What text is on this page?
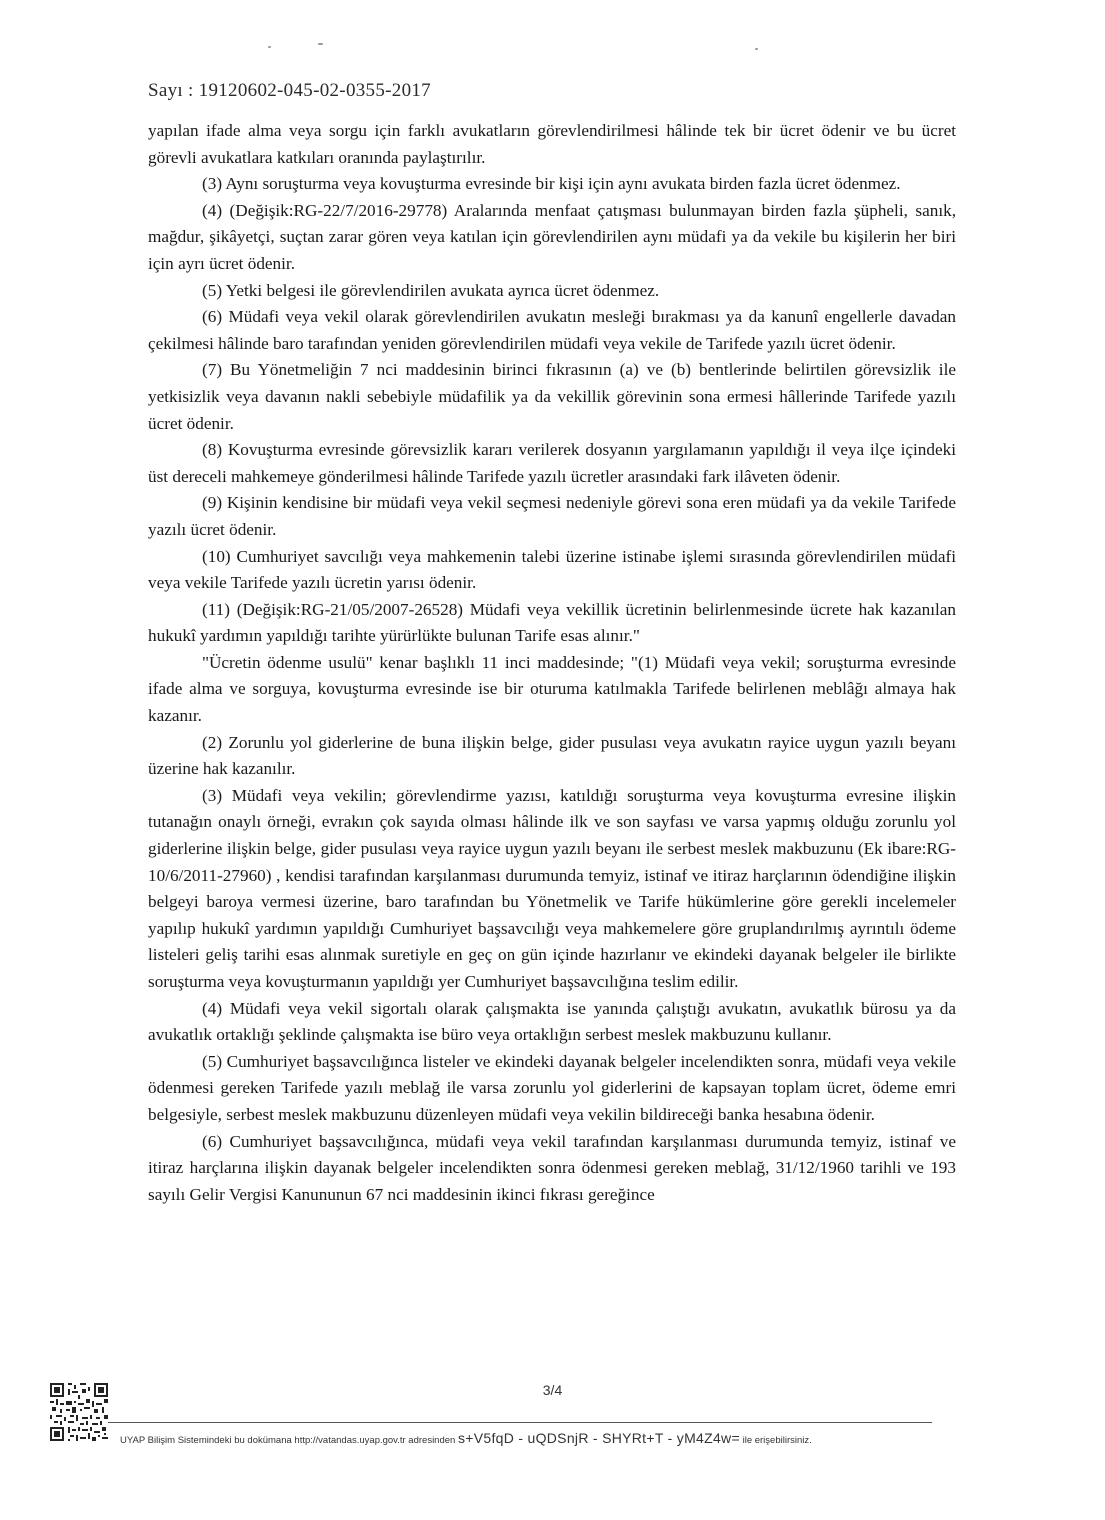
Sayı : 19120602-045-02-0355-2017

yapılan ifade alma veya sorgu için farklı avukatların görevlendirilmesi hâlinde tek bir ücret ödenir ve bu ücret görevli avukatlara katkıları oranında paylaştırılır.

(3) Aynı soruşturma veya kovuşturma evresinde bir kişi için aynı avukata birden fazla ücret ödenmez.

(4) (Değişik:RG-22/7/2016-29778) Aralarında menfaat çatışması bulunmayan birden fazla şüpheli, sanık, mağdur, şikâyetçi, suçtan zarar gören veya katılan için görevlendirilen aynı müdafi ya da vekile bu kişilerin her biri için ayrı ücret ödenir.

(5) Yetki belgesi ile görevlendirilen avukata ayrıca ücret ödenmez.

(6) Müdafi veya vekil olarak görevlendirilen avukatın mesleği bırakması ya da kanunî engellerle davadan çekilmesi hâlinde baro tarafından yeniden görevlendirilen müdafi veya vekile de Tarifede yazılı ücret ödenir.

(7) Bu Yönetmeliğin 7 nci maddesinin birinci fıkrasının (a) ve (b) bentlerinde belirtilen görevsizlik ile yetkisizlik veya davanın nakli sebebiyle müdafilik ya da vekillik görevinin sona ermesi hâllerinde Tarifede yazılı ücret ödenir.

(8) Kovuşturma evresinde görevsizlik kararı verilerek dosyanın yargılamanın yapıldığı il veya ilçe içindeki üst dereceli mahkemeye gönderilmesi hâlinde Tarifede yazılı ücretler arasındaki fark ilâveten ödenir.

(9) Kişinin kendisine bir müdafi veya vekil seçmesi nedeniyle görevi sona eren müdafi ya da vekile Tarifede yazılı ücret ödenir.

(10) Cumhuriyet savcılığı veya mahkemenin talebi üzerine istinabe işlemi sırasında görevlendirilen müdafi veya vekile Tarifede yazılı ücretin yarısı ödenir.

(11) (Değişik:RG-21/05/2007-26528) Müdafi veya vekillik ücretinin belirlenmesinde ücrete hak kazanılan hukukî yardımın yapıldığı tarihte yürürlükte bulunan Tarife esas alınır."

"Ücretin ödenme usulü" kenar başlıklı 11 inci maddesinde; "(1) Müdafi veya vekil; soruşturma evresinde ifade alma ve sorguya, kovuşturma evresinde ise bir oturuma katılmakla Tarifede belirlenen meblâğı almaya hak kazanır.

(2) Zorunlu yol giderlerine de buna ilişkin belge, gider pusulası veya avukatın rayice uygun yazılı beyanı üzerine hak kazanılır.

(3) Müdafi veya vekilin; görevlendirme yazısı, katıldığı soruşturma veya kovuşturma evresine ilişkin tutanağın onaylı örneği, evrakın çok sayıda olması hâlinde ilk ve son sayfası ve varsa yapmış olduğu zorunlu yol giderlerine ilişkin belge, gider pusulası veya rayice uygun yazılı beyanı ile serbest meslek makbuzunu (Ek ibare:RG-10/6/2011-27960) , kendisi tarafından karşılanması durumunda temyiz, istinaf ve itiraz harçlarının ödendiğine ilişkin belgeyi baroya vermesi üzerine, baro tarafından bu Yönetmelik ve Tarife hükümlerine göre gerekli incelemeler yapılıp hukukî yardımın yapıldığı Cumhuriyet başsavcılığı veya mahkemelere göre gruplandırılmış ayrıntılı ödeme listeleri geliş tarihi esas alınmak suretiyle en geç on gün içinde hazırlanır ve ekindeki dayanak belgeler ile birlikte soruşturma veya kovuşturmanın yapıldığı yer Cumhuriyet başsavcılığına teslim edilir.

(4) Müdafi veya vekil sigortalı olarak çalışmakta ise yanında çalıştığı avukatın, avukatlık bürosu ya da avukatlık ortaklığı şeklinde çalışmakta ise büro veya ortaklığın serbest meslek makbuzunu kullanır.

(5) Cumhuriyet başsavcılığınca listeler ve ekindeki dayanak belgeler incelendikten sonra, müdafi veya vekile ödenmesi gereken Tarifede yazılı meblağ ile varsa zorunlu yol giderlerini de kapsayan toplam ücret, ödeme emri belgesiyle, serbest meslek makbuzunu düzenleyen müdafi veya vekilin bildireceği banka hesabına ödenir.

(6) Cumhuriyet başsavcılığınca, müdafi veya vekil tarafından karşılanması durumunda temyiz, istinaf ve itiraz harçlarına ilişkin dayanak belgeler incelendikten sonra ödenmesi gereken meblağ, 31/12/1960 tarihli ve 193 sayılı Gelir Vergisi Kanununun 67 nci maddesinin ikinci fıkrası gereğince

3/4
UYAP Bilişim Sistemindeki bu dokümana http://vatandas.uyap.gov.tr adresinden s+V5fqD - uQDSnjR - SHYRt+T - yM4Z4w= ile erişebilirsiniz.
